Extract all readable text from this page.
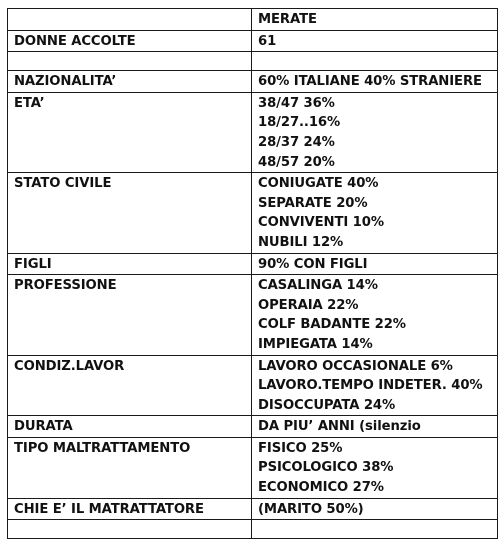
	MERATE

DONNE ACCOLTE	61

NAZIONALITA’	60% ITALIANE 40% STRANIERE

ETA’	38/47 36%
18/27..16%
28/37 24%
48/57 20%

STATO CIVILE	CONIUGATE 40%
SEPARATE 20%
CONVIVENTI 10%
NUBILI 12%

FIGLI	90% CON FIGLI

PROFESSIONE	CASALINGA 14%
OPERAIA 22%
COLF BADANTE 22%
IMPIEGATA 14%

CONDIZ.LAVOR	LAVORO OCCASIONALE 6%
LAVORO.TEMPO INDETER. 40%
DISOCCUPATA 24%

DURATA	DA PIU’ ANNI (silenzio

TIPO MALTRATTAMENTO	FISICO 25%
PSICOLOGICO 38%
ECONOMICO 27%

CHIE E’ IL MATRATTATORE	(MARITO 50%)
